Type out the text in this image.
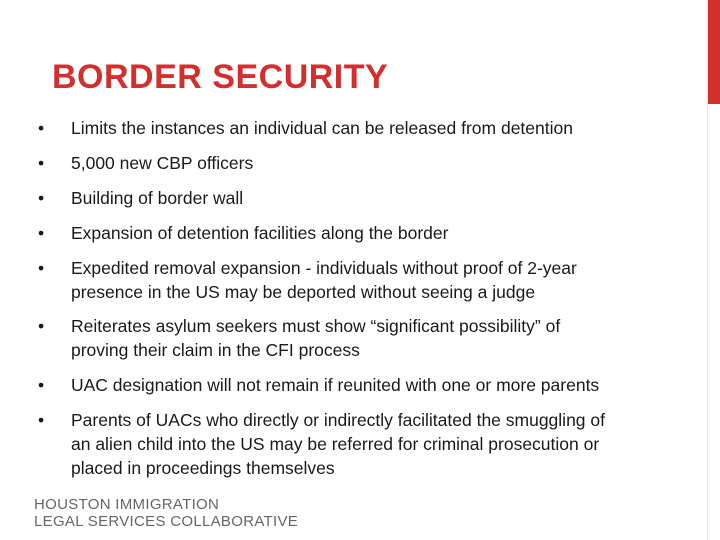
BORDER SECURITY
•	Limits the instances an individual can be released from detention
•	5,000 new CBP officers
•	Building of border wall
•	Expansion of detention facilities along the border
•	Expedited removal expansion - individuals without proof of 2-year
presence in the US may be deported without seeing a judge
•	Reiterates asylum seekers must show “significant possibility” of
proving their claim in the CFI process
•	UAC designation will not remain if reunited with one or more parents
•	Parents of UACs who directly or indirectly facilitated the smuggling of
an alien child into the US may be referred for criminal prosecution or
placed in proceedings themselves
HOUSTON IMMIGRATION
LEGAL SERVICES COLLABORATIVE
